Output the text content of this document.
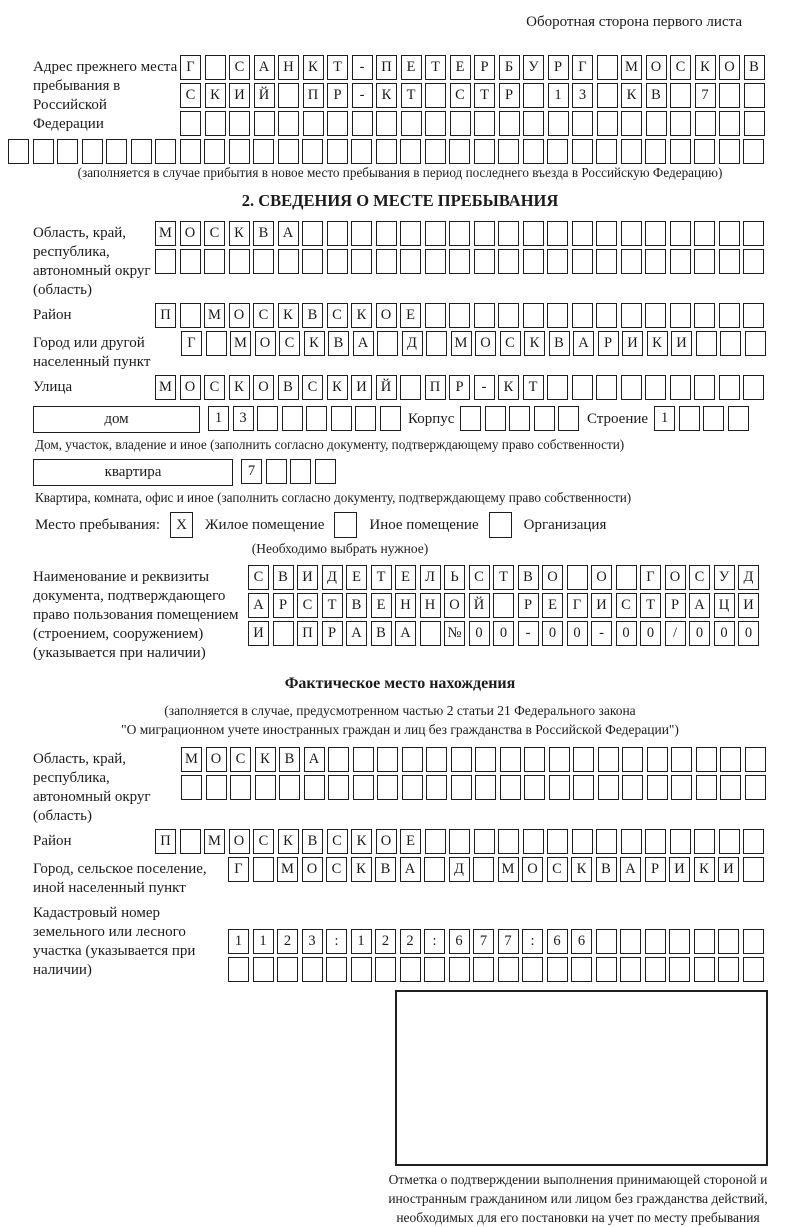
Оборотная сторона первого листа
Адрес прежнего места пребывания в Российской Федерации
Г	С А Н К	Т	-	П	Е	Т	Е	Р	Б	У	Р	Г	М О С	К О В
С	К И Й	П	Р	-	К	Т	С	Т	Р	1	3	К	В	7
(заполняется в случае прибытия в новое место пребывания в период последнего въезда в Российскую Федерацию)
2. СВЕДЕНИЯ О МЕСТЕ ПРЕБЫВАНИЯ
Область, край, республика, автономный округ (область)
М О С	К	В А
Район	П	М О С	К	В	С	К О	Е
Город или другой населенный пункт
Г	М О С	К	В А	Д	М О С	К	В А	Р	И К И
Улица	М О С	К О В	С	К И Й	П	Р	-	К	Т
дом	1	3	Корпус	Строение 1
Дом, участок, владение и иное (заполнить согласно документу, подтверждающему право собственности)
квартира	7
Квартира, комната, офис и иное (заполнить согласно документу, подтверждающему право собственности)
Место пребывания:	X	Жилое помещение	Иное помещение	Организация
(Необходимо выбрать нужное)
Наименование и реквизиты документа, подтверждающего право пользования помещением (строением, сооружением) (указывается при наличии)
С	В И Д	Е	Т	Е	Л	Ь	С	Т	В О	О	Г	О С	У Д
А	Р	С	Т	В	Е	Н Н О Й	Р	Е	Г	И С	Т	Р	А Ц И
И	П	Р	А В А	№ 0	0	-	0	0	-	0	0	/	0	0	0
Фактическое место нахождения
(заполняется в случае, предусмотренном частью 2 статьи 21 Федерального закона
"О миграционном учете иностранных граждан и лиц без гражданства в Российской Федерации")
Область, край, республика, автономный округ (область)
М О С	К	В А
Район	П	М О С	К	В	С	К О	Е
Город, сельское поселение, иной населенный пункт
Г	М О С	К	В А	Д	М О С	К	В А	Р	И К И
Кадастровый номер земельного или лесного участка (указывается при наличии)
1	1	2	3	:	1	2	2	:	6	7	7	:	6	6
Отметка о подтверждении выполнения принимающей стороной и иностранным гражданином или лицом без гражданства действий, необходимых для его постановки на учет по месту пребывания
